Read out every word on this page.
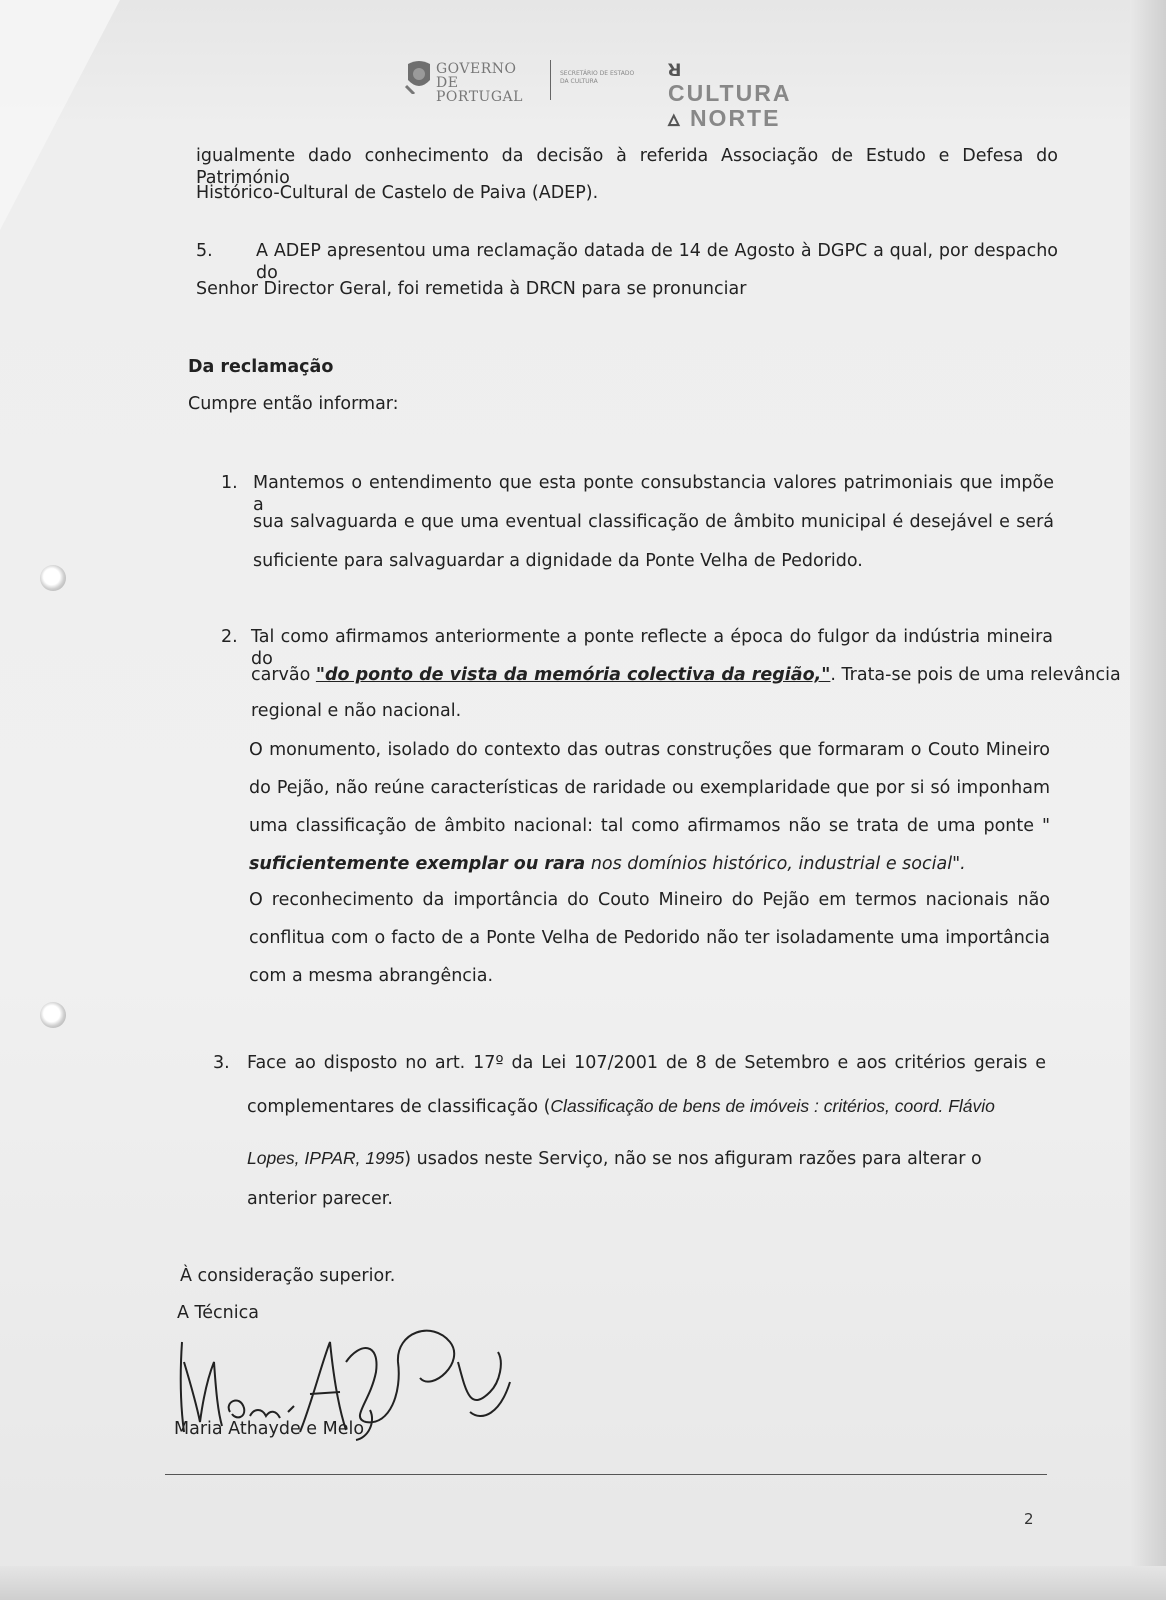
GOVERNO DE
PORTUGAL
SECRETÁRIO DE ESTADO
DA CULTURA
ᴚ CULTURA
▵ NORTE
igualmente dado conhecimento da decisão à referida Associação de Estudo e Defesa do Património
Histórico-Cultural de Castelo de Paiva (ADEP).
5. A ADEP apresentou uma reclamação datada de 14 de Agosto à DGPC a qual, por despacho do
Senhor Director Geral, foi remetida à DRCN para se pronunciar
Da reclamação
Cumpre então informar:
1. Mantemos o entendimento que esta ponte consubstancia valores patrimoniais que impõe a
sua salvaguarda e que uma eventual classificação de âmbito municipal é desejável e será
suficiente para salvaguardar a dignidade da Ponte Velha de Pedorido.
2. Tal como afirmamos anteriormente a ponte reflecte a época do fulgor da indústria mineira do
carvão "do ponto de vista da memória colectiva da região,". Trata-se pois de uma relevância
regional e não nacional.
O monumento, isolado do contexto das outras construções que formaram o Couto Mineiro
do Pejão, não reúne características de raridade ou exemplaridade que por si só imponham
uma classificação de âmbito nacional: tal como afirmamos não se trata de uma ponte "
suficientemente exemplar ou rara nos domínios histórico, industrial e social".
O reconhecimento da importância do Couto Mineiro do Pejão em termos nacionais não
conflitua com o facto de a Ponte Velha de Pedorido não ter isoladamente uma importância
com a mesma abrangência.
3. Face ao disposto no art. 17º da Lei 107/2001 de 8 de Setembro e aos critérios gerais e
complementares de classificação (Classificação de bens de imóveis : critérios, coord. Flávio
Lopes, IPPAR, 1995) usados neste Serviço, não se nos afiguram razões para alterar o
anterior parecer.
À consideração superior.
A Técnica
Maria Athayde e Melo
2
